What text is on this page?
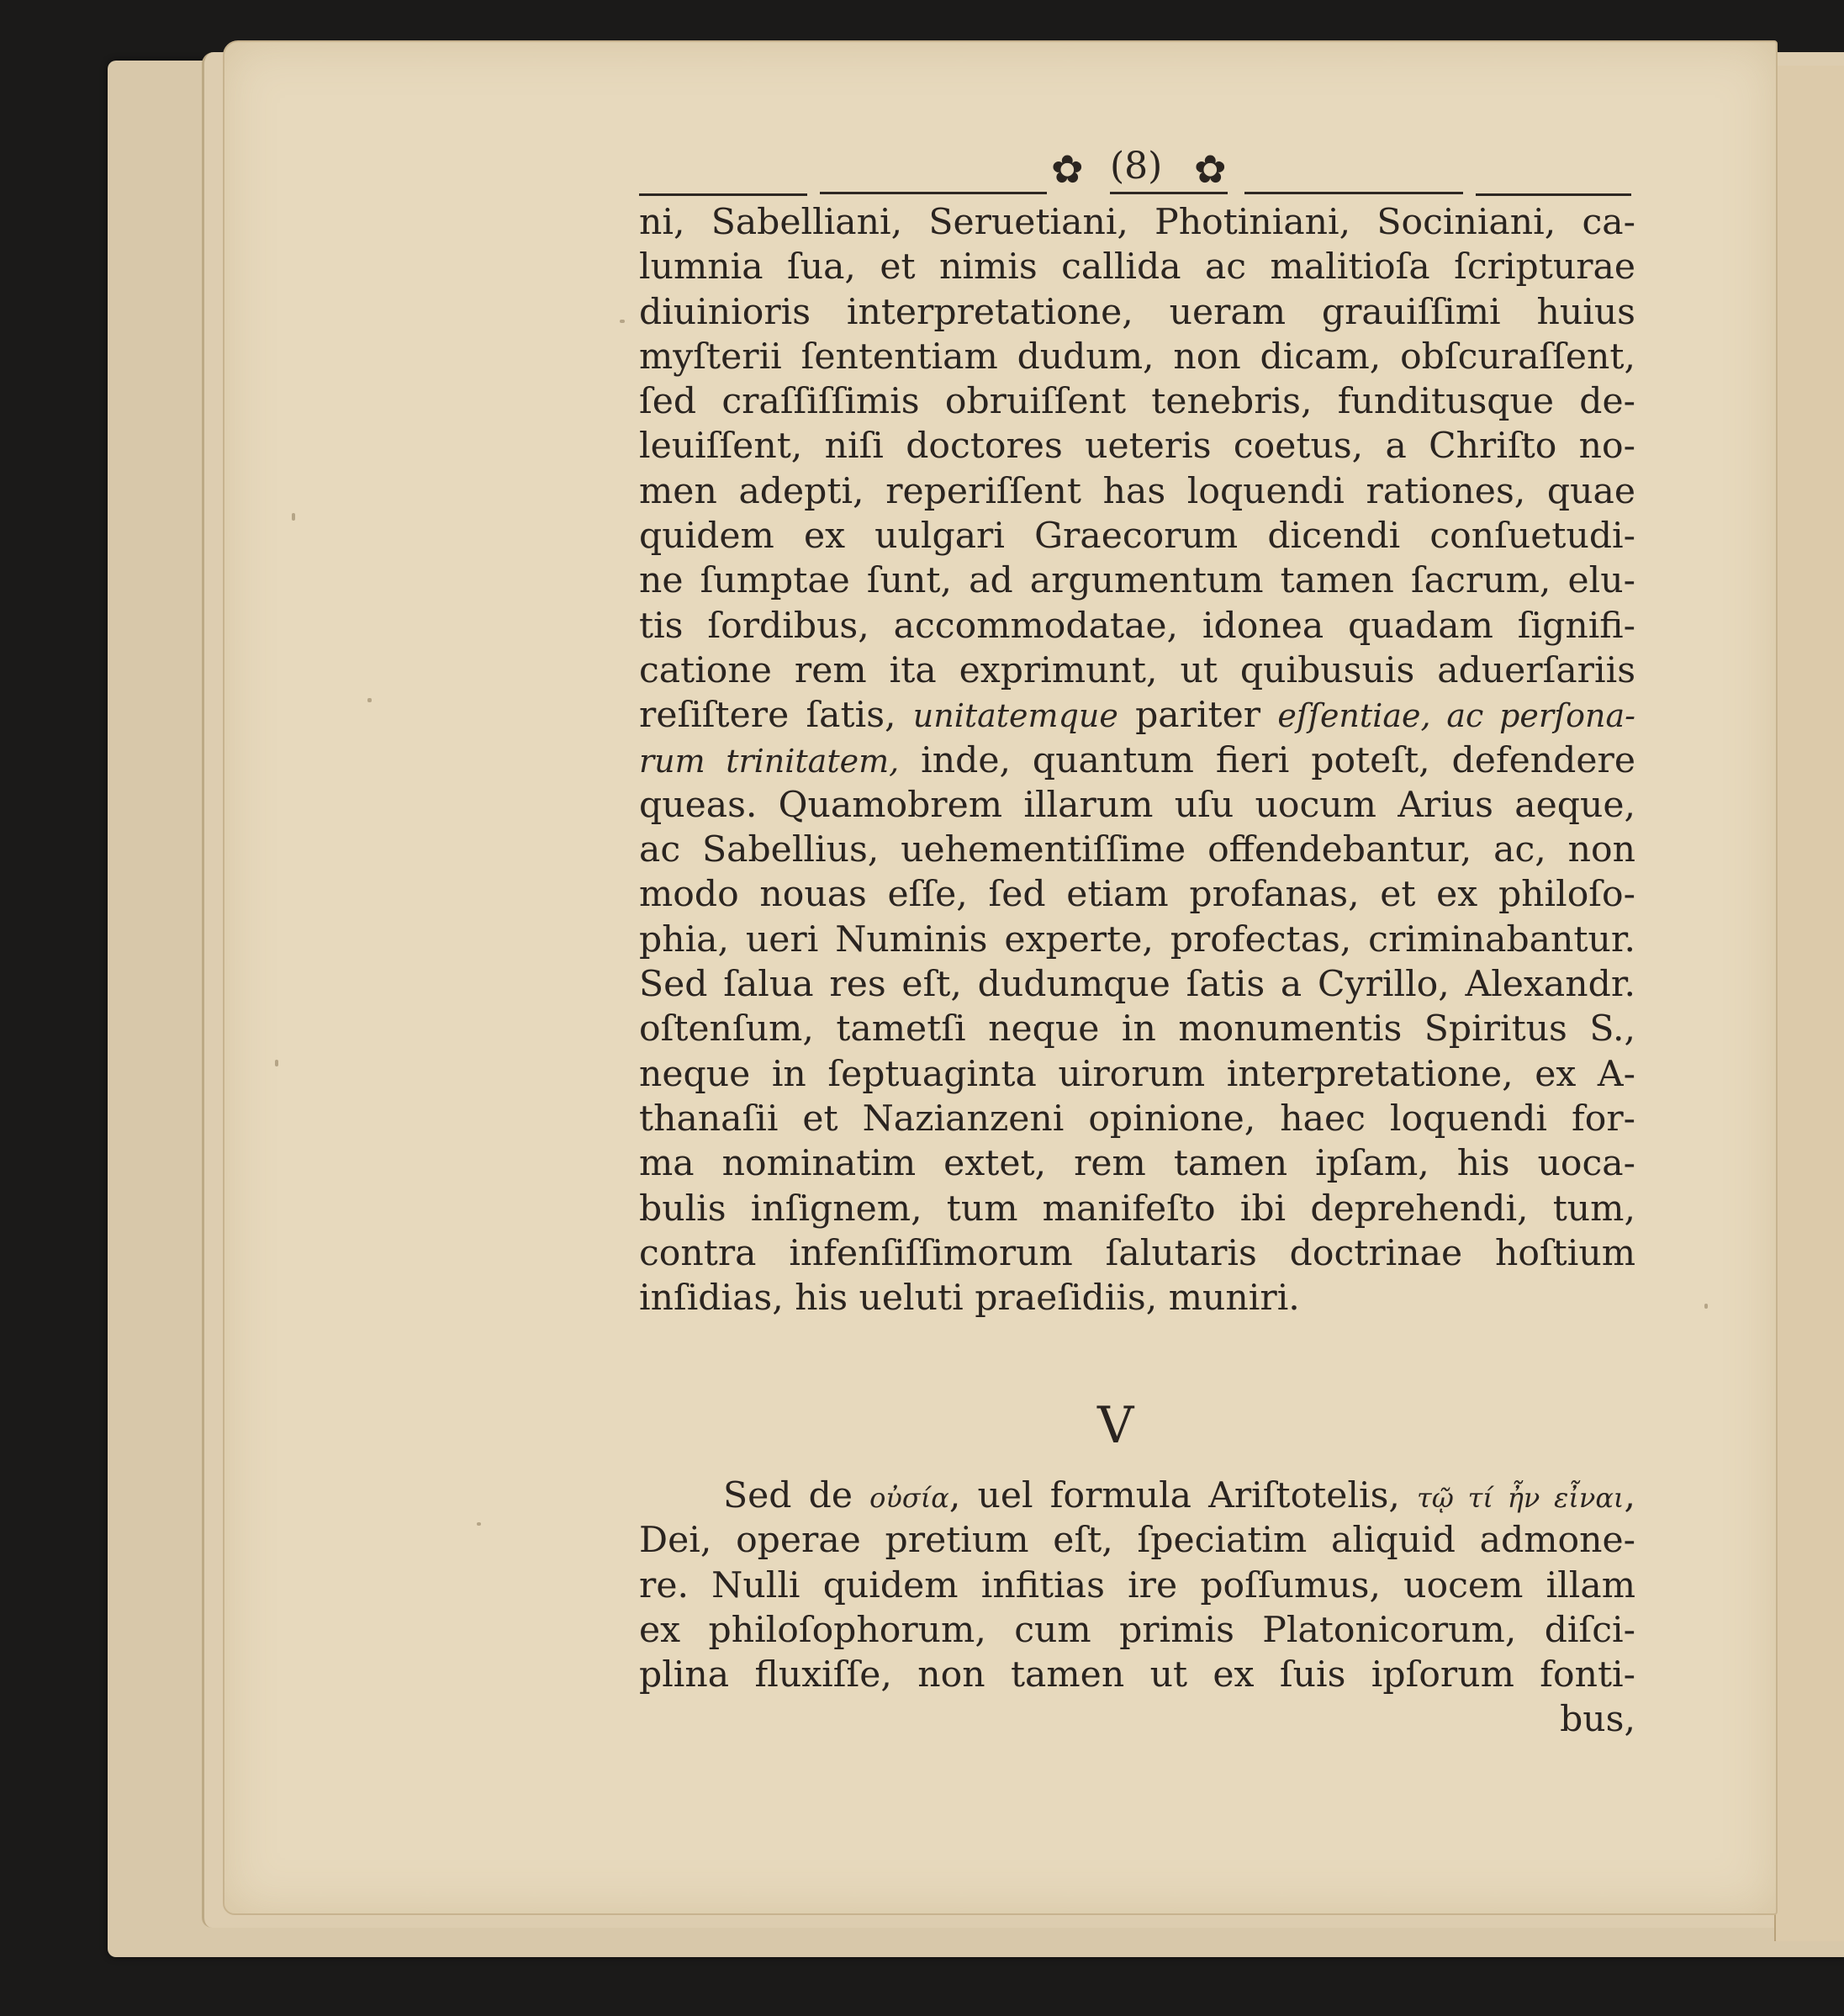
✿ (8) ✿
ni, Sabelliani, Seruetiani, Photiniani, Sociniani, ca-
lumnia ſua, et nimis callida ac malitioſa ſcripturae
diuinioris interpretatione, ueram grauiſſimi huius
myſterii ſententiam dudum, non dicam, obſcuraſſent,
ſed craſſiſſimis obruiſſent tenebris, funditusque de-
leuiſſent, niſi doctores ueteris coetus, a Chriſto no-
men adepti, reperiſſent has loquendi rationes, quae
quidem ex uulgari Graecorum dicendi conſuetudi-
ne ſumptae ſunt, ad argumentum tamen ſacrum, elu-
tis ſordibus, accommodatae, idonea quadam ſignifi-
catione rem ita exprimunt, ut quibusuis aduerſariis
reſiſtere ſatis, unitatemque pariter eſſentiae, ac perſona-
rum trinitatem, inde, quantum fieri poteſt, defendere
queas. Quamobrem illarum uſu uocum Arius aeque,
ac Sabellius, uehementiſſime offendebantur, ac, non
modo nouas eſſe, ſed etiam profanas, et ex philoſo-
phia, ueri Numinis experte, profectas, criminabantur.
Sed ſalua res eſt, dudumque ſatis a Cyrillo, Alexandr.
oſtenſum, tametſi neque in monumentis Spiritus S.,
neque in ſeptuaginta uirorum interpretatione, ex A-
thanaſii et Nazianzeni opinione, haec loquendi for-
ma nominatim extet, rem tamen ipſam, his uoca-
bulis inſignem, tum manifeſto ibi deprehendi, tum,
contra infenſiſſimorum ſalutaris doctrinae hoſtium
inſidias, his ueluti praeſidiis, muniri.
V
Sed de οὐσία, uel formula Ariſtotelis, τῷ τί ἦν εἶναι,
Dei, operae pretium eſt, ſpeciatim aliquid admone-
re. Nulli quidem infitias ire poſſumus, uocem illam
ex philoſophorum, cum primis Platonicorum, diſci-
plina fluxiſſe, non tamen ut ex ſuis ipſorum fonti-
bus,
